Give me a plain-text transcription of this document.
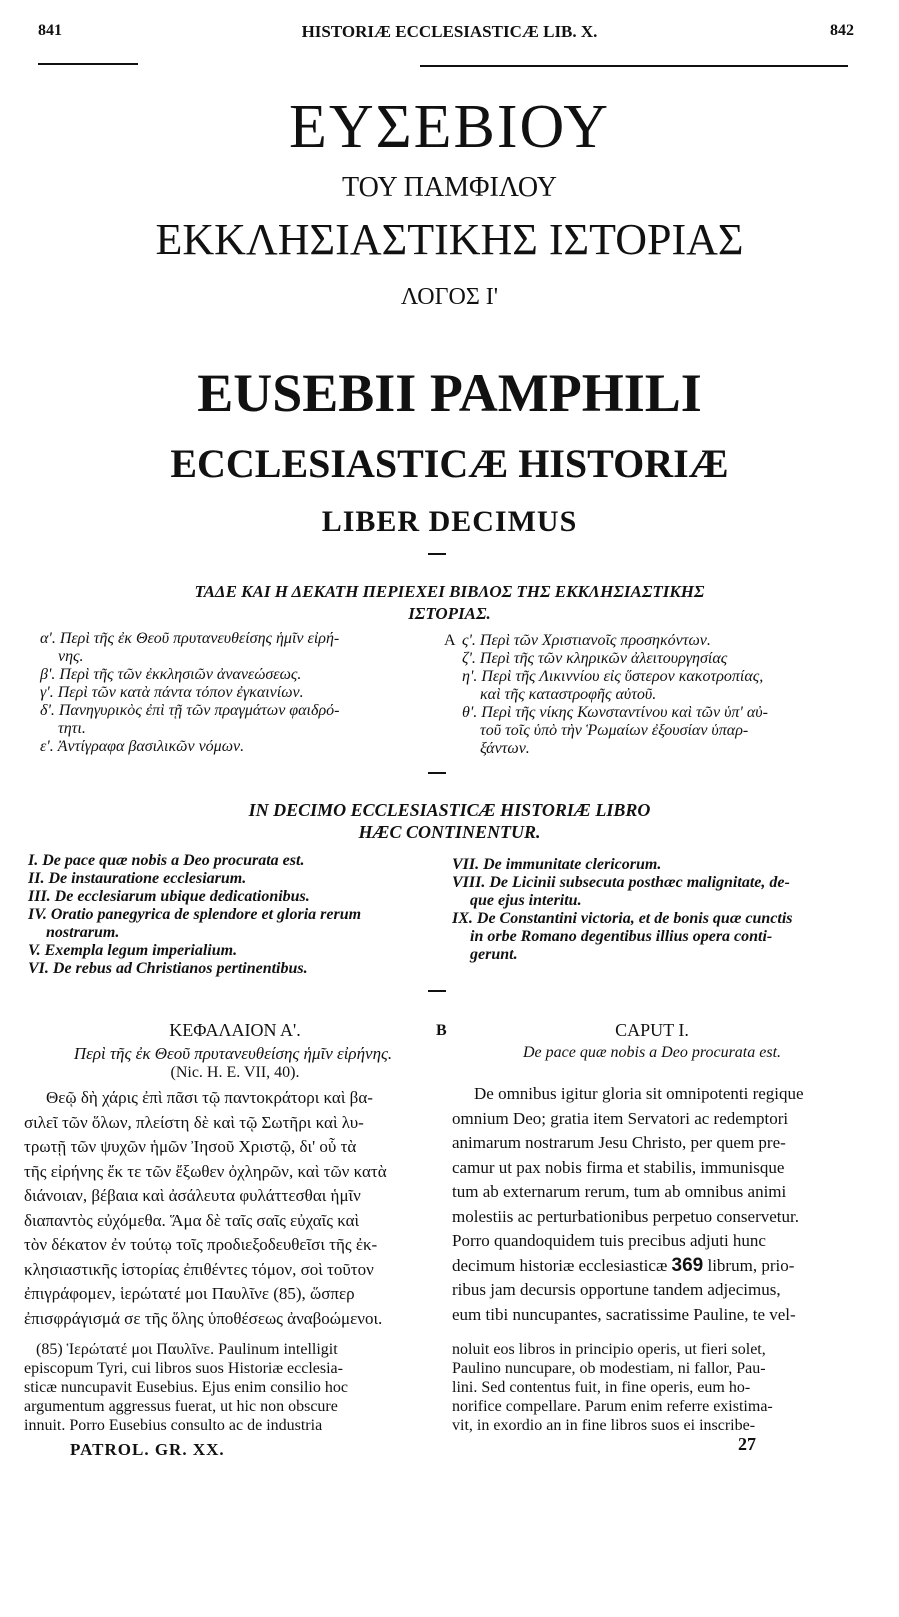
841	HISTORIÆ ECCLESIASTICÆ LIB. X.	842
ΕΥΣΕΒΙΟΥ
ΤΟΥ ΠΑΜΦΙΛΟΥ
ΕΚΚΛΗΣΙΑΣΤΙΚΗΣ ΙΣΤΟΡΙΑΣ
ΛΟΓΟΣ Ι'
EUSEBII PAMPHILI
ECCLESIASTICÆ HISTORIÆ
LIBER DECIMUS
ΤΑΔΕ ΚΑΙ Η ΔΕΚΑΤΗ ΠΕΡΙΕΧΕΙ ΒΙΒΛΟΣ ΤΗΣ ΕΚΚΛΗΣΙΑΣΤΙΚΗΣ
ΙΣΤΟΡΙΑΣ.

α'. Περὶ τῆς ἐκ Θεοῦ πρυτανευθείσης ἡμῖν εἰρή-

νης.

β'. Περὶ τῆς τῶν ἐκκλησιῶν ἀνανεώσεως.

γ'. Περὶ τῶν κατὰ πάντα τόπον ἐγκαινίων.

δ'. Πανηγυρικὸς ἐπὶ τῇ τῶν πραγμάτων φαιδρό-

τητι.

ε'. Ἀντίγραφα βασιλικῶν νόμων.

A ς'. Περὶ τῶν Χριστιανοῖς προσηκόντων.

ζ'. Περὶ τῆς τῶν κληρικῶν ἀλειτουργησίας

η'. Περὶ τῆς Λικιννίου εἰς ὕστερον κακοτροπίας,

καὶ τῆς καταστροφῆς αὐτοῦ.

θ'. Περὶ τῆς νίκης Κωνσταντίνου καὶ τῶν ὑπ' αὐ-

τοῦ τοῖς ὑπὸ τὴν Ῥωμαίων ἐξουσίαν ὑπαρ-

ξάντων.

IN DECIMO ECCLESIASTICÆ HISTORIÆ LIBRO
HÆC CONTINENTUR.

I. De pace quæ nobis a Deo procurata est.

II. De instauratione ecclesiarum.

III. De ecclesiarum ubique dedicationibus.

IV. Oratio panegyrica de splendore et gloria rerum

nostrarum.

V. Exempla legum imperialium.

VI. De rebus ad Christianos pertinentibus.

VII. De immunitate clericorum.

VIII. De Licinii subsecuta posthæc malignitate, de-

que ejus interitu.

IX. De Constantini victoria, et de bonis quæ cunctis

in orbe Romano degentibus illius opera conti-

gerunt.

ΚΕΦΑΛΑΙΟΝ Α'.	B
Περὶ τῆς ἐκ Θεοῦ πρυτανευθείσης ἡμῖν εἰρήνης.
(Nic. H. E. VII, 40).
Θεῷ δὴ χάρις ἐπὶ πᾶσι τῷ παντοκράτορι καὶ βα-
σιλεῖ τῶν ὅλων, πλείστη δὲ καὶ τῷ Σωτῆρι καὶ λυ-
τρωτῇ τῶν ψυχῶν ἡμῶν Ἰησοῦ Χριστῷ, δι' οὗ τὰ
τῆς εἰρήνης ἔκ τε τῶν ἔξωθεν ὀχληρῶν, καὶ τῶν κατὰ
διάνοιαν, βέβαια καὶ ἀσάλευτα φυλάττεσθαι ἡμῖν
διαπαντὸς εὐχόμεθα. Ἅμα δὲ ταῖς σαῖς εὐχαῖς καὶ
τὸν δέκατον ἐν τούτῳ τοῖς προδιεξοδευθεῖσι τῆς ἐκ-
κλησιαστικῆς ἱστορίας ἐπιθέντες τόμον, σοὶ τοῦτον
ἐπιγράφομεν, ἱερώτατέ μοι Παυλῖνε (85), ὥσπερ
ἐπισφράγισμά σε τῆς ὅλης ὑποθέσεως ἀναβοώμενοι.
(85) Ἱερώτατέ μοι Παυλῖνε. Paulinum intelligit
episcopum Tyri, cui libros suos Historiæ ecclesia-
sticæ nuncupavit Eusebius. Ejus enim consilio hoc
argumentum aggressus fuerat, ut hic non obscure
innuit. Porro Eusebius consulto ac de industria
PATROL. GR. XX.
CAPUT I.
De pace quæ nobis a Deo procurata est.
De omnibus igitur gloria sit omnipotenti regique
omnium Deo; gratia item Servatori ac redemptori
animarum nostrarum Jesu Christo, per quem pre-
camur ut pax nobis firma et stabilis, immunisque
tum ab externarum rerum, tum ab omnibus animi
molestiis ac perturbationibus perpetuo conservetur.
Porro quandoquidem tuis precibus adjuti hunc
decimum historiæ ecclesiasticæ 369 librum, prio-
ribus jam decursis opportune tandem adjecimus,
eum tibi nuncupantes, sacratissime Pauline, te vel-
noluit eos libros in principio operis, ut fieri solet,
Paulino nuncupare, ob modestiam, ni fallor, Pau-
lini. Sed contentus fuit, in fine operis, eum ho-
norifice compellare. Parum enim referre existima-
vit, in exordio an in fine libros suos ei inscribe-
27
